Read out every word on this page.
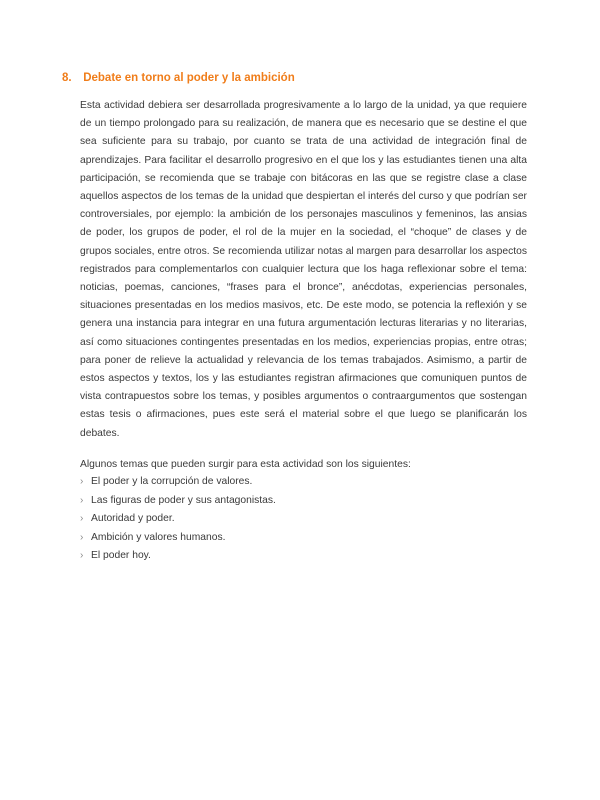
8. Debate en torno al poder y la ambición

Esta actividad debiera ser desarrollada progresivamente a lo largo de la unidad, ya que requiere de un tiempo prolongado para su realización, de manera que es necesario que se destine el que sea suficiente para su trabajo, por cuanto se trata de una actividad de integración final de aprendizajes. Para facilitar el desarrollo progresivo en el que los y las estudiantes tienen una alta participación, se recomienda que se trabaje con bitácoras en las que se registre clase a clase aquellos aspectos de los temas de la unidad que despiertan el interés del curso y que podrían ser controversiales, por ejemplo: la ambición de los personajes masculinos y femeninos, las ansias de poder, los grupos de poder, el rol de la mujer en la sociedad, el “choque” de clases y de grupos sociales, entre otros. Se recomienda utilizar notas al margen para desarrollar los aspectos registrados para complementarlos con cualquier lectura que los haga reflexionar sobre el tema: noticias, poemas, canciones, “frases para el bronce”, anécdotas, experiencias personales, situaciones presentadas en los medios masivos, etc. De este modo, se potencia la reflexión y se genera una instancia para integrar en una futura argumentación lecturas literarias y no literarias, así como situaciones contingentes presentadas en los medios, experiencias propias, entre otras; para poner de relieve la actualidad y relevancia de los temas trabajados. Asimismo, a partir de estos aspectos y textos, los y las estudiantes registran afirmaciones que comuniquen puntos de vista contrapuestos sobre los temas, y posibles argumentos o contraargumentos que sostengan estas tesis o afirmaciones, pues este será el material sobre el que luego se planificarán los debates.

Algunos temas que pueden surgir para esta actividad son los siguientes:

› El poder y la corrupción de valores.
› Las figuras de poder y sus antagonistas.
› Autoridad y poder.
› Ambición y valores humanos.
› El poder hoy.
